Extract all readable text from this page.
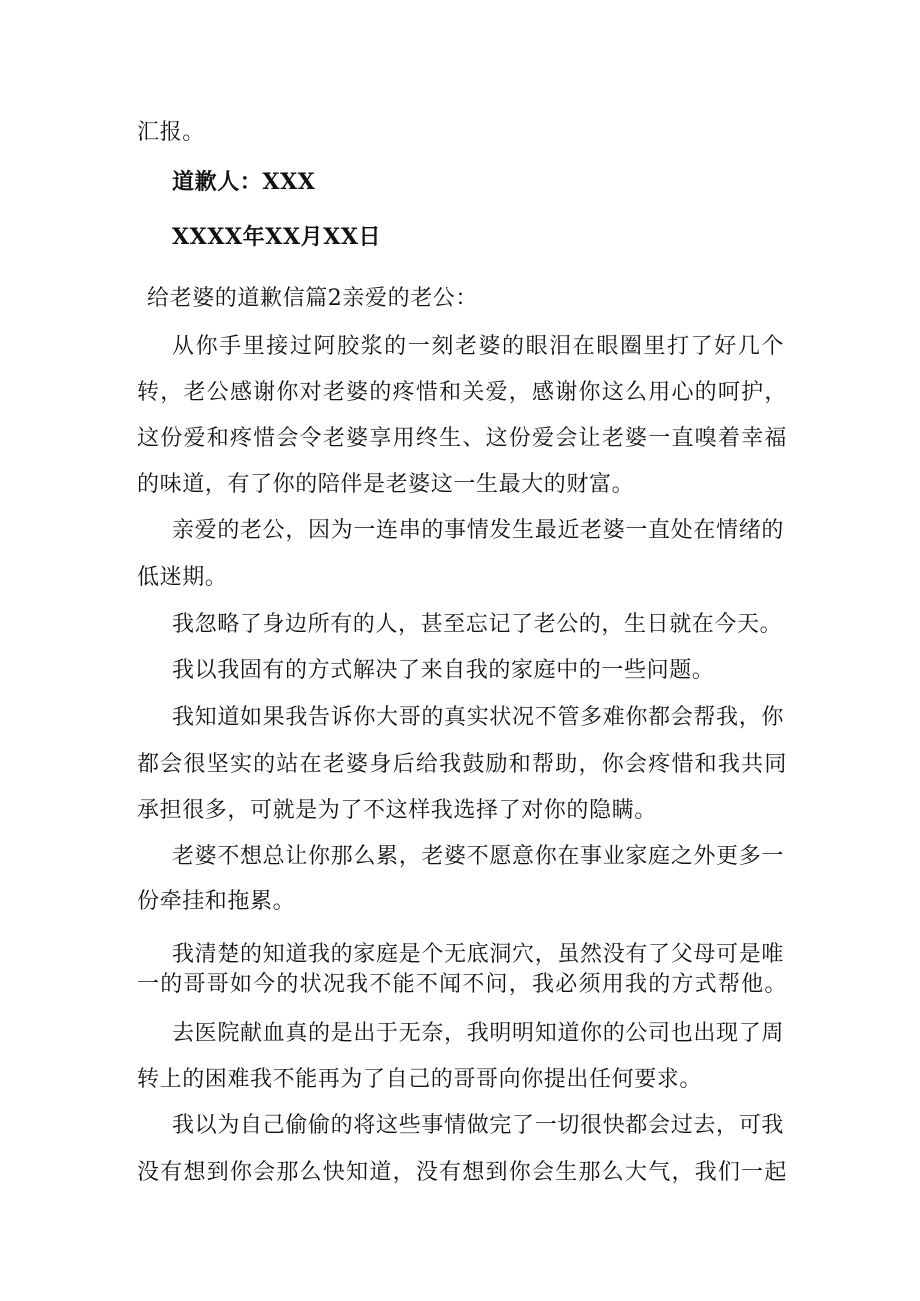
汇报。
道歉人：XXX
XXXX年XX月XX日
给老婆的道歉信篇2亲爱的老公：
从你手里接过阿胶浆的一刻老婆的眼泪在眼圈里打了好几个
转，老公感谢你对老婆的疼惜和关爱，感谢你这么用心的呵护，
这份爱和疼惜会令老婆享用终生、这份爱会让老婆一直嗅着幸福
的味道，有了你的陪伴是老婆这一生最大的财富。
亲爱的老公，因为一连串的事情发生最近老婆一直处在情绪的
低迷期。
我忽略了身边所有的人，甚至忘记了老公的，生日就在今天。
我以我固有的方式解决了来自我的家庭中的一些问题。
我知道如果我告诉你大哥的真实状况不管多难你都会帮我，你
都会很坚实的站在老婆身后给我鼓励和帮助，你会疼惜和我共同
承担很多，可就是为了不这样我选择了对你的隐瞒。
老婆不想总让你那么累，老婆不愿意你在事业家庭之外更多一
份牵挂和拖累。
我清楚的知道我的家庭是个无底洞穴，虽然没有了父母可是唯
一的哥哥如今的状况我不能不闻不问，我必须用我的方式帮他。
去医院献血真的是出于无奈，我明明知道你的公司也出现了周
转上的困难我不能再为了自己的哥哥向你提出任何要求。
我以为自己偷偷的将这些事情做完了一切很快都会过去，可我
没有想到你会那么快知道，没有想到你会生那么大气，我们一起
